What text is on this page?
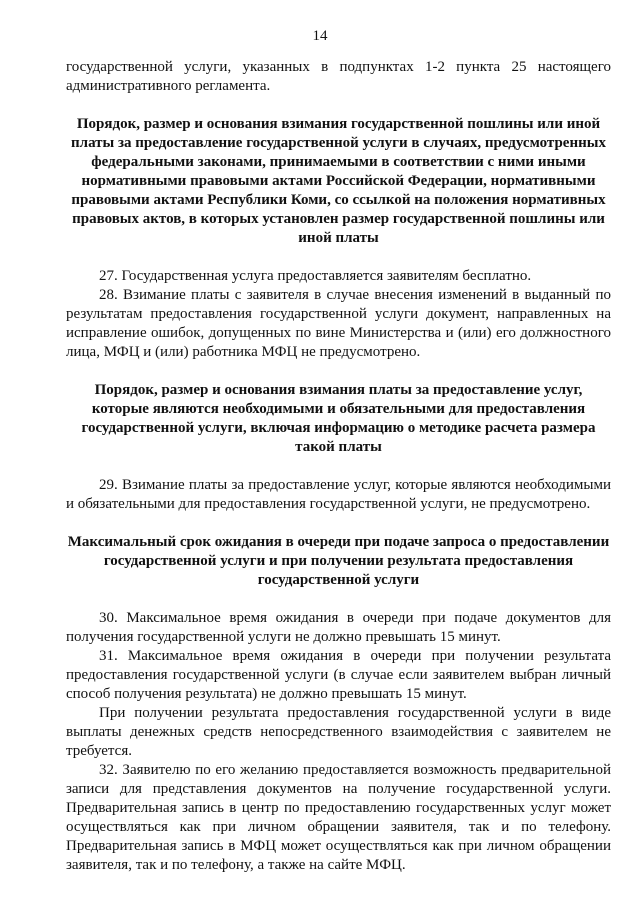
14

государственной услуги, указанных в подпунктах 1-2 пункта 25 настоящего административного регламента.

Порядок, размер и основания взимания государственной пошлины или иной платы за предоставление государственной услуги в случаях, предусмотренных федеральными законами, принимаемыми в соответствии с ними иными нормативными правовыми актами Российской Федерации, нормативными правовыми актами Республики Коми, со ссылкой на положения нормативных правовых актов, в которых установлен размер государственной пошлины или иной платы

27. Государственная услуга предоставляется заявителям бесплатно.

28. Взимание платы с заявителя в случае внесения изменений в выданный по результатам предоставления государственной услуги документ, направленных на исправление ошибок, допущенных по вине Министерства и (или) его должностного лица, МФЦ и (или) работника МФЦ не предусмотрено.

Порядок, размер и основания взимания платы за предоставление услуг, которые являются необходимыми и обязательными для предоставления государственной услуги, включая информацию о методике расчета размера такой платы

29. Взимание платы за предоставление услуг, которые являются необходимыми и обязательными для предоставления государственной услуги, не предусмотрено.

Максимальный срок ожидания в очереди при подаче запроса о предоставлении государственной услуги и при получении результата предоставления государственной услуги

30. Максимальное время ожидания в очереди при подаче документов для получения государственной услуги не должно превышать 15 минут.

31. Максимальное время ожидания в очереди при получении результата предоставления государственной услуги (в случае если заявителем выбран личный способ получения результата) не должно превышать 15 минут.

При получении результата предоставления государственной услуги в виде выплаты денежных средств непосредственного взаимодействия с заявителем не требуется.

32. Заявителю по его желанию предоставляется возможность предварительной записи для представления документов на получение государственной услуги. Предварительная запись в центр по предоставлению государственных услуг может осуществляться как при личном обращении заявителя, так и по телефону. Предварительная запись в МФЦ может осуществляться как при личном обращении заявителя, так и по телефону, а также на сайте МФЦ.
